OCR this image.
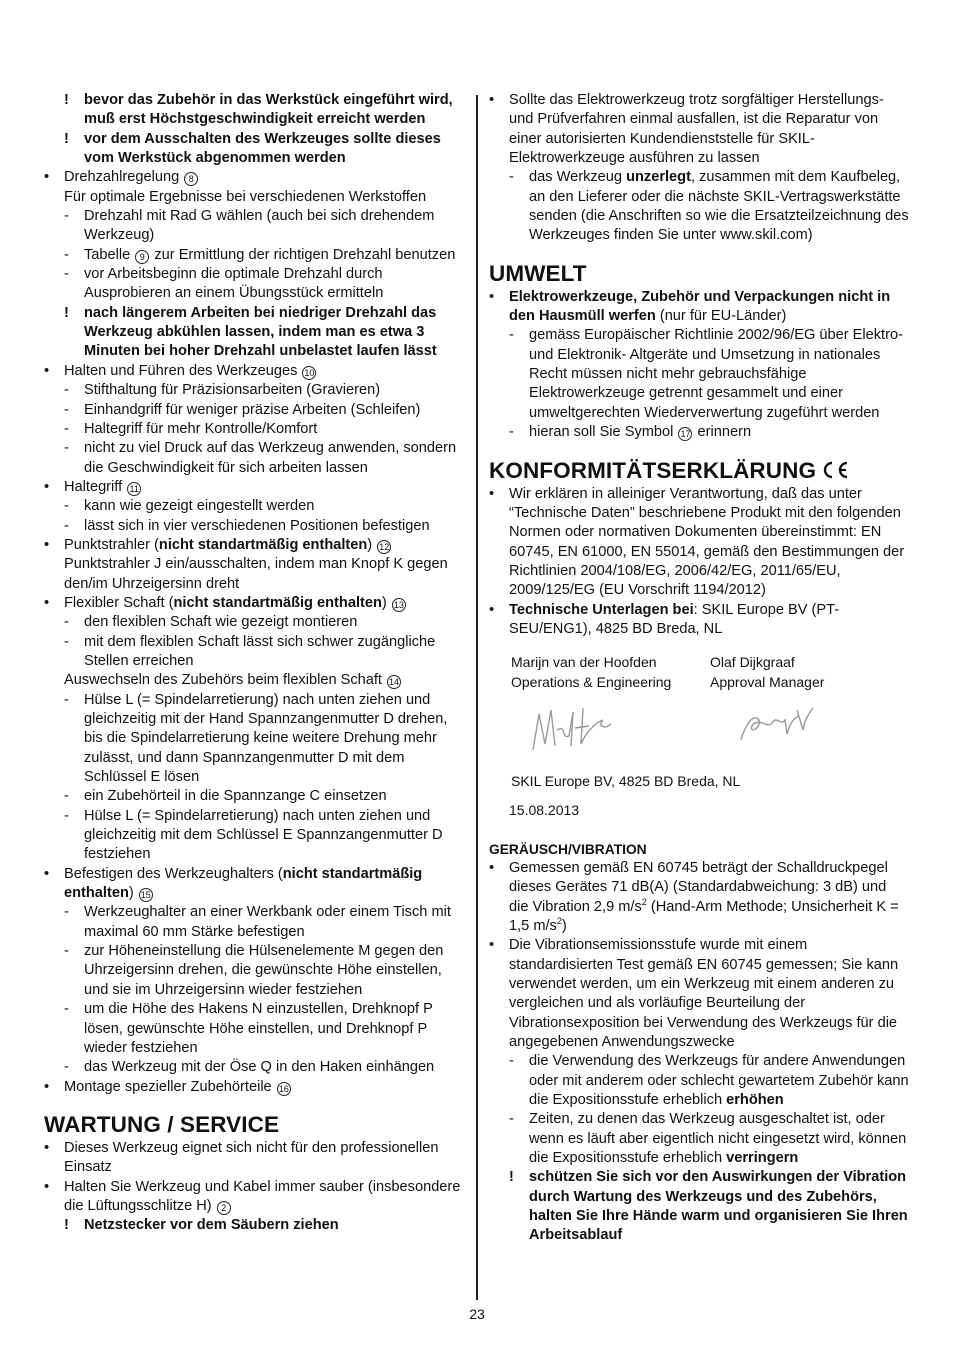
!	bevor das Zubehör in das Werkstück eingeführt wird, muß erst Höchstgeschwindigkeit erreicht werden
!	vor dem Ausschalten des Werkzeuges sollte dieses vom Werkstück abgenommen werden
•	Drehzahlregelung 8
Für optimale Ergebnisse bei verschiedenen Werkstoffen
-	Drehzahl mit Rad G wählen (auch bei sich drehendem Werkzeug)
-	Tabelle 9 zur Ermittlung der richtigen Drehzahl benutzen
-	vor Arbeitsbeginn die optimale Drehzahl durch Ausprobieren an einem Übungsstück ermitteln
!	nach längerem Arbeiten bei niedriger Drehzahl das Werkzeug abkühlen lassen, indem man es etwa 3 Minuten bei hoher Drehzahl unbelastet laufen lässt
•	Halten und Führen des Werkzeuges 10
-	Stifthaltung für Präzisionsarbeiten (Gravieren)
-	Einhandgriff für weniger präzise Arbeiten (Schleifen)
-	Haltegriff für mehr Kontrolle/Komfort
-	nicht zu viel Druck auf das Werkzeug anwenden, sondern die Geschwindigkeit für sich arbeiten lassen
•	Haltegriff 11
-	kann wie gezeigt eingestellt werden
-	lässt sich in vier verschiedenen Positionen befestigen
•	Punktstrahler (nicht standartmäßig enthalten) 12
Punktstrahler J ein/ausschalten, indem man Knopf K gegen den/im Uhrzeigersinn dreht
•	Flexibler Schaft (nicht standartmäßig enthalten) 13
-	den flexiblen Schaft wie gezeigt montieren
-	mit dem flexiblen Schaft lässt sich schwer zugängliche Stellen erreichen
Auswechseln des Zubehörs beim flexiblen Schaft 14
-	Hülse L (= Spindelarretierung) nach unten ziehen und gleichzeitig mit der Hand Spannzangenmutter D drehen, bis die Spindelarretierung keine weitere Drehung mehr zulässt, und dann Spannzangenmutter D mit dem Schlüssel E lösen
-	ein Zubehörteil in die Spannzange C einsetzen
-	Hülse L (= Spindelarretierung) nach unten ziehen und gleichzeitig mit dem Schlüssel E Spannzangenmutter D festziehen
•	Befestigen des Werkzeughalters (nicht standartmäßig enthalten) 15
-	Werkzeughalter an einer Werkbank oder einem Tisch mit maximal 60 mm Stärke befestigen
-	zur Höheneinstellung die Hülsenelemente M gegen den Uhrzeigersinn drehen, die gewünschte Höhe einstellen, und sie im Uhrzeigersinn wieder festziehen
-	um die Höhe des Hakens N einzustellen, Drehknopf P lösen, gewünschte Höhe einstellen, und Drehknopf P wieder festziehen
-	das Werkzeug mit der Öse Q in den Haken einhängen
•	Montage spezieller Zubehörteile 16
WARTUNG / SERVICE
•	Dieses Werkzeug eignet sich nicht für den professionellen Einsatz
•	Halten Sie Werkzeug und Kabel immer sauber (insbesondere die Lüftungsschlitze H) 2
!	Netzstecker vor dem Säubern ziehen
•	Sollte das Elektrowerkzeug trotz sorgfältiger Herstellungs- und Prüfverfahren einmal ausfallen, ist die Reparatur von einer autorisierten Kundendienststelle für SKIL-Elektrowerkzeuge ausführen zu lassen
-	das Werkzeug unzerlegt, zusammen mit dem Kaufbeleg, an den Lieferer oder die nächste SKIL-Vertragswerkstätte senden (die Anschriften so wie die Ersatzteilzeichnung des Werkzeuges finden Sie unter www.skil.com)
UMWELT
•	Elektrowerkzeuge, Zubehör und Verpackungen nicht in den Hausmüll werfen (nur für EU-Länder)
-	gemäss Europäischer Richtlinie 2002/96/EG über Elektro- und Elektronik- Altgeräte und Umsetzung in nationales Recht müssen nicht mehr gebrauchsfähige Elektrowerkzeuge getrennt gesammelt und einer umweltgerechten Wiederverwertung zugeführt werden
-	hieran soll Sie Symbol 17 erinnern
KONFORMITÄTSERKLÄRUNG
•	Wir erklären in alleiniger Verantwortung, daß das unter “Technische Daten” beschriebene Produkt mit den folgenden Normen oder normativen Dokumenten übereinstimmt: EN 60745, EN 61000, EN 55014, gemäß den Bestimmungen der Richtlinien 2004/108/EG, 2006/42/EG, 2011/65/EU, 2009/125/EG (EU Vorschrift 1194/2012)
•	Technische Unterlagen bei: SKIL Europe BV (PT-SEU/ENG1), 4825 BD Breda, NL
Marijn van der Hoofden
Operations & Engineering
Olaf Dijkgraaf
Approval Manager
SKIL Europe BV, 4825 BD Breda, NL
15.08.2013
GERÄUSCH/VIBRATION
•	Gemessen gemäß EN 60745 beträgt der Schalldruckpegel dieses Gerätes 71 dB(A) (Standardabweichung: 3 dB) und die Vibration 2,9 $m/s^2$ (Hand-Arm Methode; Unsicherheit K = 1,5 $m/s^2$)
•	Die Vibrationsemissionsstufe wurde mit einem standardisierten Test gemäß EN 60745 gemessen; Sie kann verwendet werden, um ein Werkzeug mit einem anderen zu vergleichen und als vorläufige Beurteilung der Vibrationsexposition bei Verwendung des Werkzeugs für die angegebenen Anwendungszwecke
-	die Verwendung des Werkzeugs für andere Anwendungen oder mit anderem oder schlecht gewartetem Zubehör kann die Expositionsstufe erheblich erhöhen
-	Zeiten, zu denen das Werkzeug ausgeschaltet ist, oder wenn es läuft aber eigentlich nicht eingesetzt wird, können die Expositionsstufe erheblich verringern
!	schützen Sie sich vor den Auswirkungen der Vibration durch Wartung des Werkzeugs und des Zubehörs, halten Sie Ihre Hände warm und organisieren Sie Ihren Arbeitsablauf
23
